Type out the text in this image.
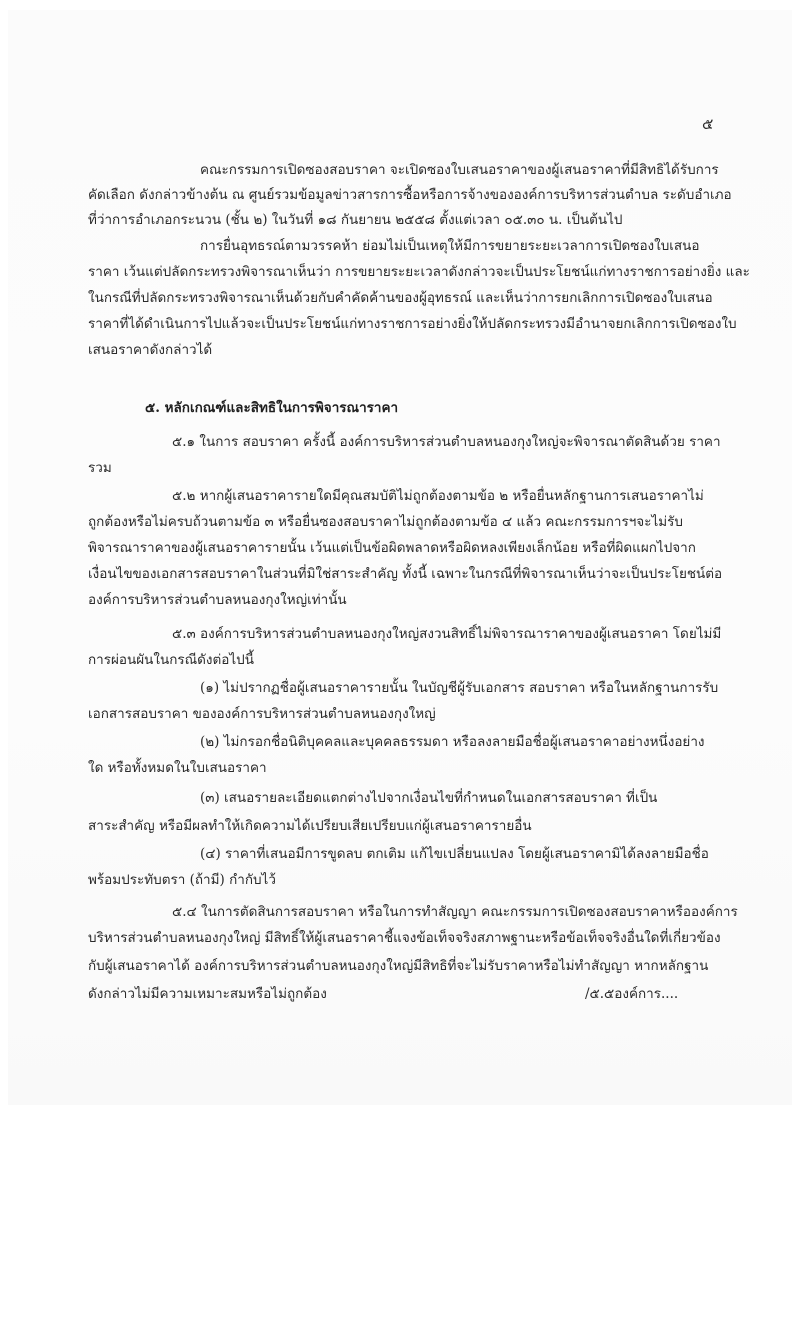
๕
คณะกรรมการเปิดซองสอบราคา จะเปิดซองใบเสนอราคาของผู้เสนอราคาที่มีสิทธิได้รับการ
คัดเลือก ดังกล่าวข้างต้น ณ ศูนย์รวมข้อมูลข่าวสารการซื้อหรือการจ้างขององค์การบริหารส่วนตำบล ระดับอำเภอ
ที่ว่าการอำเภอกระนวน (ชั้น ๒) ในวันที่ ๑๘ กันยายน ๒๕๕๘ ตั้งแต่เวลา ๐๕.๓๐ น. เป็นต้นไป
การยื่นอุทธรณ์ตามวรรคห้า ย่อมไม่เป็นเหตุให้มีการขยายระยะเวลาการเปิดซองใบเสนอ
ราคา เว้นแต่ปลัดกระทรวงพิจารณาเห็นว่า การขยายระยะเวลาดังกล่าวจะเป็นประโยชน์แก่ทางราชการอย่างยิ่ง และ
ในกรณีที่ปลัดกระทรวงพิจารณาเห็นด้วยกับคำคัดค้านของผู้อุทธรณ์ และเห็นว่าการยกเลิกการเปิดซองใบเสนอ
ราคาที่ได้ดำเนินการไปแล้วจะเป็นประโยชน์แก่ทางราชการอย่างยิ่งให้ปลัดกระทรวงมีอำนาจยกเลิกการเปิดซองใบ
เสนอราคาดังกล่าวได้
๕. หลักเกณฑ์และสิทธิในการพิจารณาราคา
๕.๑ ในการ สอบราคา ครั้งนี้ องค์การบริหารส่วนตำบลหนองกุงใหญ่จะพิจารณาตัดสินด้วย ราคา
รวม
๕.๒ หากผู้เสนอราคารายใดมีคุณสมบัติไม่ถูกต้องตามข้อ ๒ หรือยื่นหลักฐานการเสนอราคาไม่
ถูกต้องหรือไม่ครบถ้วนตามข้อ ๓ หรือยื่นซองสอบราคาไม่ถูกต้องตามข้อ ๔ แล้ว คณะกรรมการฯจะไม่รับ
พิจารณาราคาของผู้เสนอราคารายนั้น เว้นแต่เป็นข้อผิดพลาดหรือผิดหลงเพียงเล็กน้อย หรือที่ผิดแผกไปจาก
เงื่อนไขของเอกสารสอบราคาในส่วนที่มิใช่สาระสำคัญ ทั้งนี้ เฉพาะในกรณีที่พิจารณาเห็นว่าจะเป็นประโยชน์ต่อ
องค์การบริหารส่วนตำบลหนองกุงใหญ่เท่านั้น
๕.๓ องค์การบริหารส่วนตำบลหนองกุงใหญ่สงวนสิทธิ์ไม่พิจารณาราคาของผู้เสนอราคา โดยไม่มี
การผ่อนผันในกรณีดังต่อไปนี้
(๑) ไม่ปรากฏชื่อผู้เสนอราคารายนั้น ในบัญชีผู้รับเอกสาร สอบราคา หรือในหลักฐานการรับ
เอกสารสอบราคา ขององค์การบริหารส่วนตำบลหนองกุงใหญ่
(๒) ไม่กรอกชื่อนิติบุคคลและบุคคลธรรมดา หรือลงลายมือชื่อผู้เสนอราคาอย่างหนึ่งอย่าง
ใด หรือทั้งหมดในใบเสนอราคา
(๓) เสนอรายละเอียดแตกต่างไปจากเงื่อนไขที่กำหนดในเอกสารสอบราคา ที่เป็น
สาระสำคัญ หรือมีผลทำให้เกิดความได้เปรียบเสียเปรียบแก่ผู้เสนอราคารายอื่น
(๔) ราคาที่เสนอมีการขูดลบ ตกเติม แก้ไขเปลี่ยนแปลง โดยผู้เสนอราคามิได้ลงลายมือชื่อ
พร้อมประทับตรา (ถ้ามี) กำกับไว้
๕.๔ ในการตัดสินการสอบราคา หรือในการทำสัญญา คณะกรรมการเปิดซองสอบราคาหรือองค์การ
บริหารส่วนตำบลหนองกุงใหญ่ มีสิทธิ์ให้ผู้เสนอราคาชี้แจงข้อเท็จจริงสภาพฐานะหรือข้อเท็จจริงอื่นใดที่เกี่ยวข้อง
กับผู้เสนอราคาได้ องค์การบริหารส่วนตำบลหนองกุงใหญ่มีสิทธิที่จะไม่รับราคาหรือไม่ทำสัญญา หากหลักฐาน
ดังกล่าวไม่มีความเหมาะสมหรือไม่ถูกต้อง	/๕.๕องค์การ....
